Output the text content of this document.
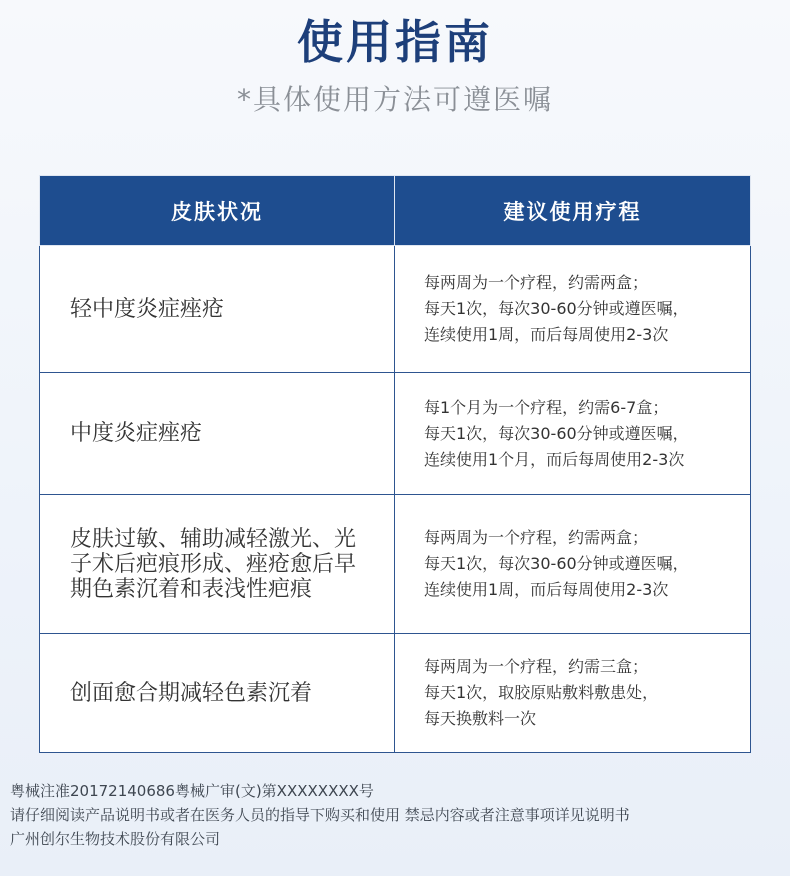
使用指南
*具体使用方法可遵医嘱
皮肤状况	建议使用疗程
轻中度炎症痤疮	每两周为一个疗程，约需两盒；
每天1次，每次30-60分钟或遵医嘱，
连续使用1周，而后每周使用2-3次

中度炎症痤疮	每1个月为一个疗程，约需6-7盒；
每天1次，每次30-60分钟或遵医嘱，
连续使用1个月，而后每周使用2-3次

皮肤过敏、辅助减轻激光、光子术后疤痕形成、痤疮愈后早期色素沉着和表浅性疤痕	每两周为一个疗程，约需两盒；
每天1次，每次30-60分钟或遵医嘱，
连续使用1周，而后每周使用2-3次

创面愈合期减轻色素沉着	每两周为一个疗程，约需三盒；
每天1次，取胶原贴敷料敷患处，
每天换敷料一次
粤械注准20172140686粤械广审(文)第XXXXXXXX号
请仔细阅读产品说明书或者在医务人员的指导下购买和使用 禁忌内容或者注意事项详见说明书
广州创尔生物技术股份有限公司
